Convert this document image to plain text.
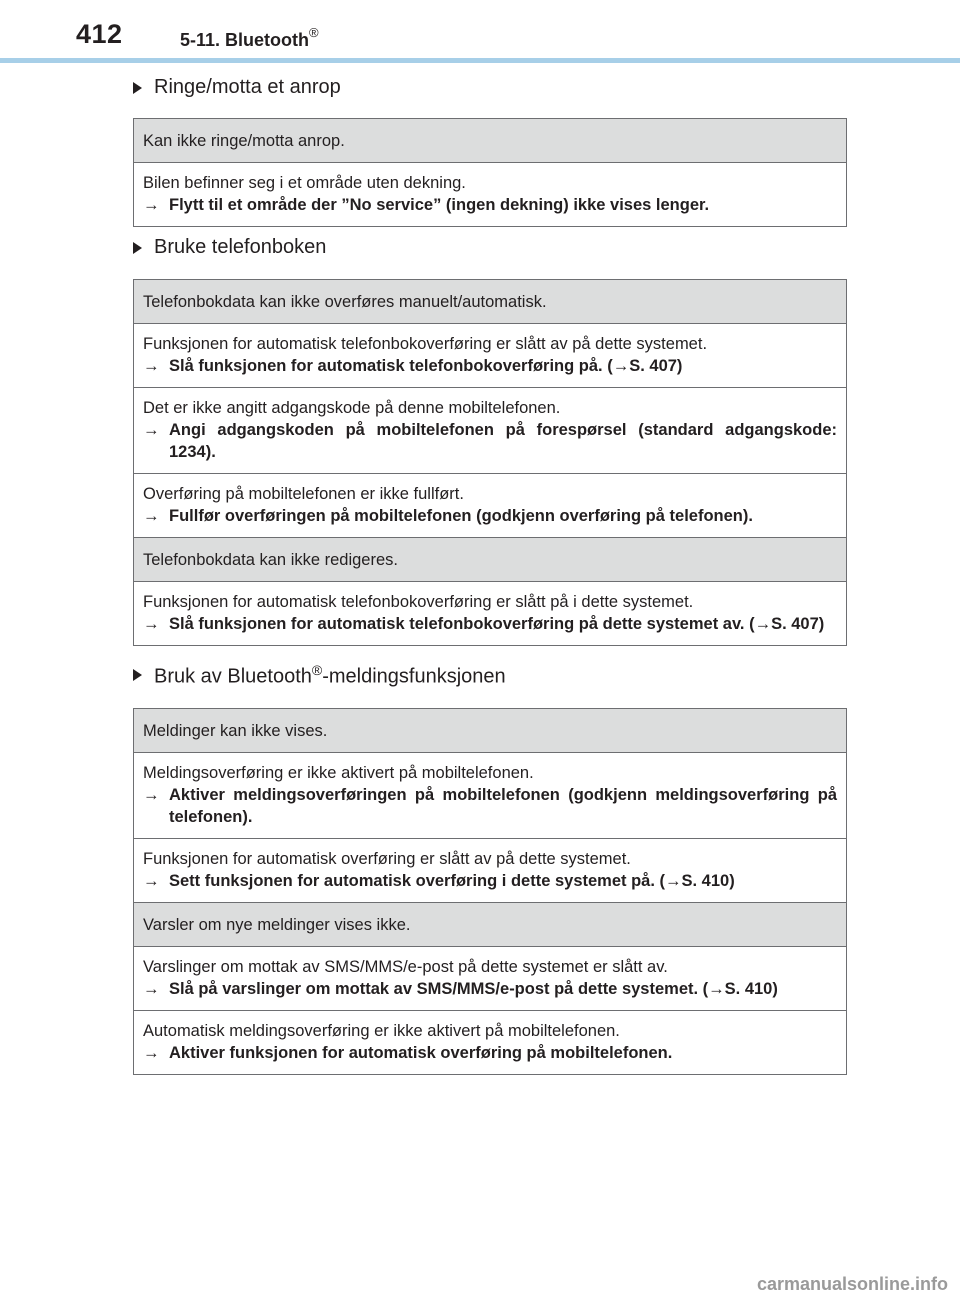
412	5-11. Bluetooth®
Ringe/motta et anrop
Kan ikke ringe/motta anrop.
Bilen befinner seg i et område uten dekning.
→ Flytt til et område der ”No service” (ingen dekning) ikke vises lenger.
Bruke telefonboken
Telefonbokdata kan ikke overføres manuelt/automatisk.
Funksjonen for automatisk telefonbokoverføring er slått av på dette systemet.
→ Slå funksjonen for automatisk telefonbokoverføring på. (→S. 407)
Det er ikke angitt adgangskode på denne mobiltelefonen.
→ Angi adgangskoden på mobiltelefonen på forespørsel (standard adgangskode: 1234).
Overføring på mobiltelefonen er ikke fullført.
→ Fullfør overføringen på mobiltelefonen (godkjenn overføring på telefonen).
Telefonbokdata kan ikke redigeres.
Funksjonen for automatisk telefonbokoverføring er slått på i dette systemet.
→ Slå funksjonen for automatisk telefonbokoverføring på dette systemet av. (→S. 407)
Bruk av Bluetooth®-meldingsfunksjonen
Meldinger kan ikke vises.
Meldingsoverføring er ikke aktivert på mobiltelefonen.
→ Aktiver meldingsoverføringen på mobiltelefonen (godkjenn meldingsoverføring på telefonen).
Funksjonen for automatisk overføring er slått av på dette systemet.
→ Sett funksjonen for automatisk overføring i dette systemet på. (→S. 410)
Varsler om nye meldinger vises ikke.
Varslinger om mottak av SMS/MMS/e-post på dette systemet er slått av.
→ Slå på varslinger om mottak av SMS/MMS/e-post på dette systemet. (→S. 410)
Automatisk meldingsoverføring er ikke aktivert på mobiltelefonen.
→ Aktiver funksjonen for automatisk overføring på mobiltelefonen.
carmanualsonline.info
